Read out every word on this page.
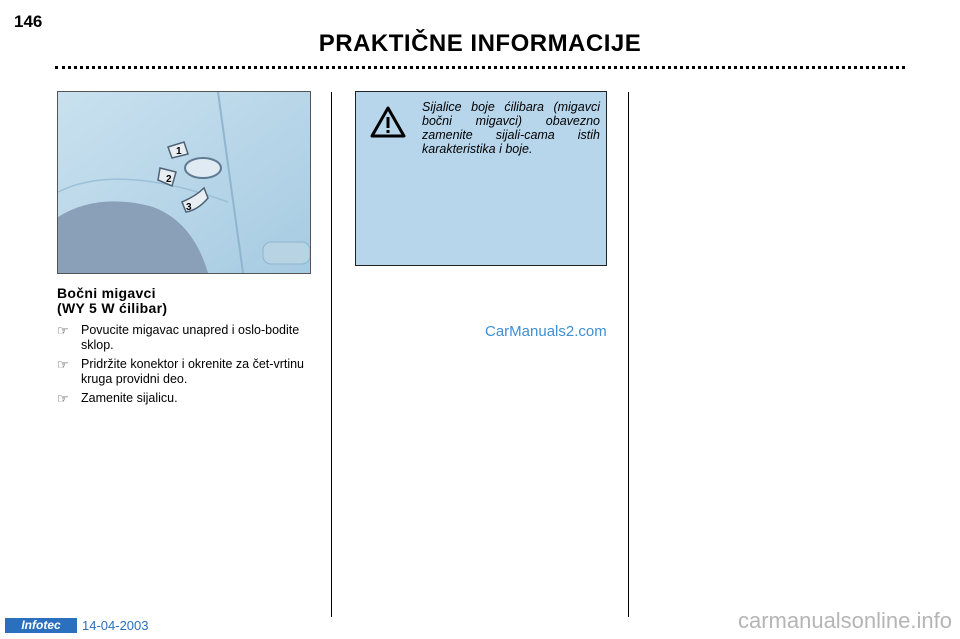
146
PRAKTIČNE INFORMACIJE
1
2
3
Bočni migavci
(WY 5 W ćilibar)
☞ Povucite migavac unapred i oslo-bodite sklop.
☞ Pridržite konektor i okrenite za čet-vrtinu kruga providni deo.
☞ Zamenite sijalicu.
Sijalice boje ćilibara (migavci bočni migavci) obavezno zamenite sijali-cama istih karakteristika i boje.
CarManuals2.com
Infotec	14-04-2003	carmanualsonline.info
